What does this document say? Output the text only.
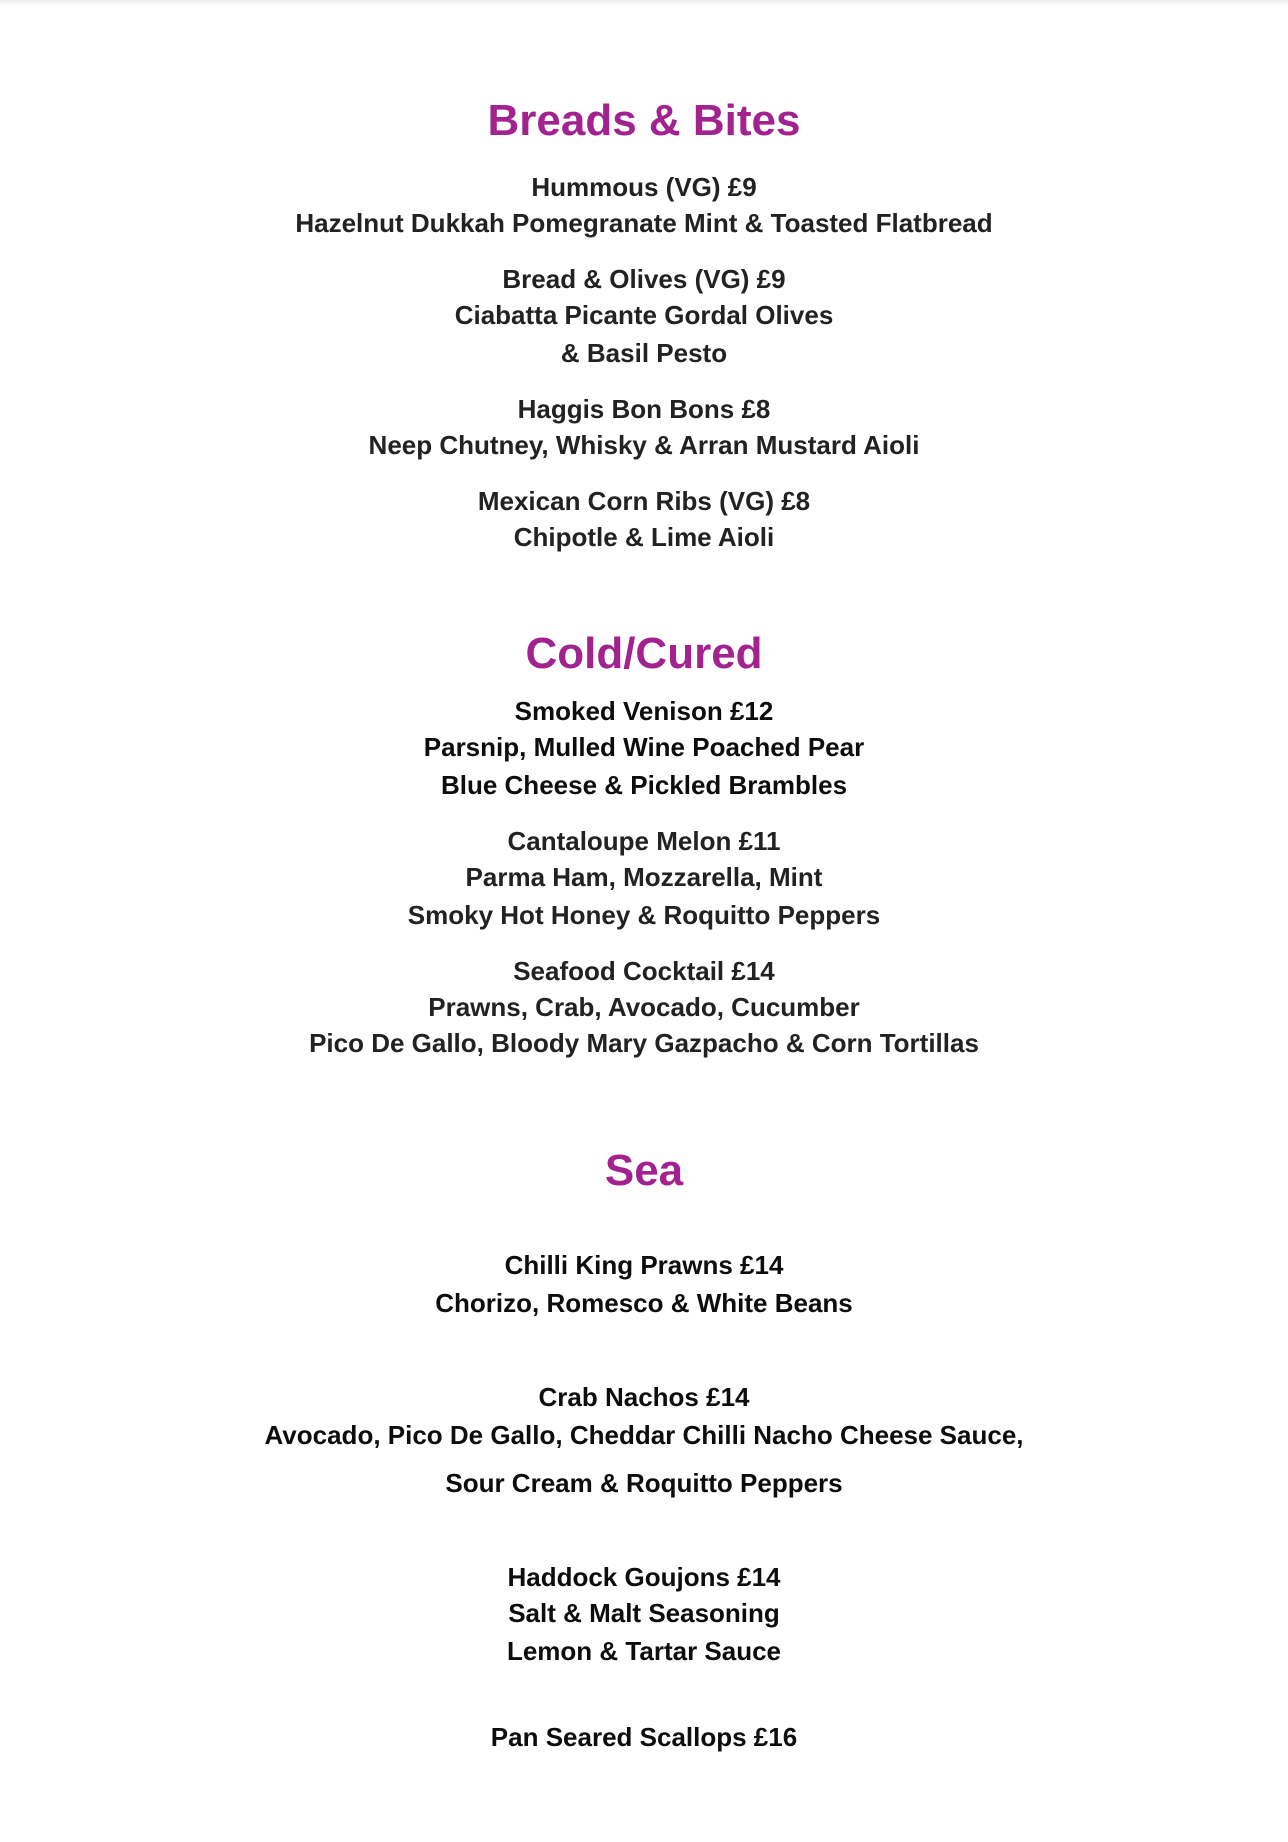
Breads & Bites

Hummous (VG) £9

Hazelnut Dukkah Pomegranate Mint & Toasted Flatbread

Bread & Olives (VG) £9

Ciabatta Picante Gordal Olives

& Basil Pesto

Haggis Bon Bons £8

Neep Chutney, Whisky & Arran Mustard Aioli

Mexican Corn Ribs (VG) £8

Chipotle & Lime Aioli

Cold/Cured

Smoked Venison £12

Parsnip, Mulled Wine Poached Pear

Blue Cheese & Pickled Brambles

Cantaloupe Melon £11

Parma Ham, Mozzarella, Mint

Smoky Hot Honey & Roquitto Peppers

Seafood Cocktail £14

Prawns, Crab, Avocado, Cucumber

Pico De Gallo, Bloody Mary Gazpacho & Corn Tortillas

Sea

Chilli King Prawns £14

Chorizo, Romesco & White Beans

Crab Nachos £14

Avocado, Pico De Gallo, Cheddar Chilli Nacho Cheese Sauce,

Sour Cream & Roquitto Peppers

Haddock Goujons £14

Salt & Malt Seasoning

Lemon & Tartar Sauce

Pan Seared Scallops £16
